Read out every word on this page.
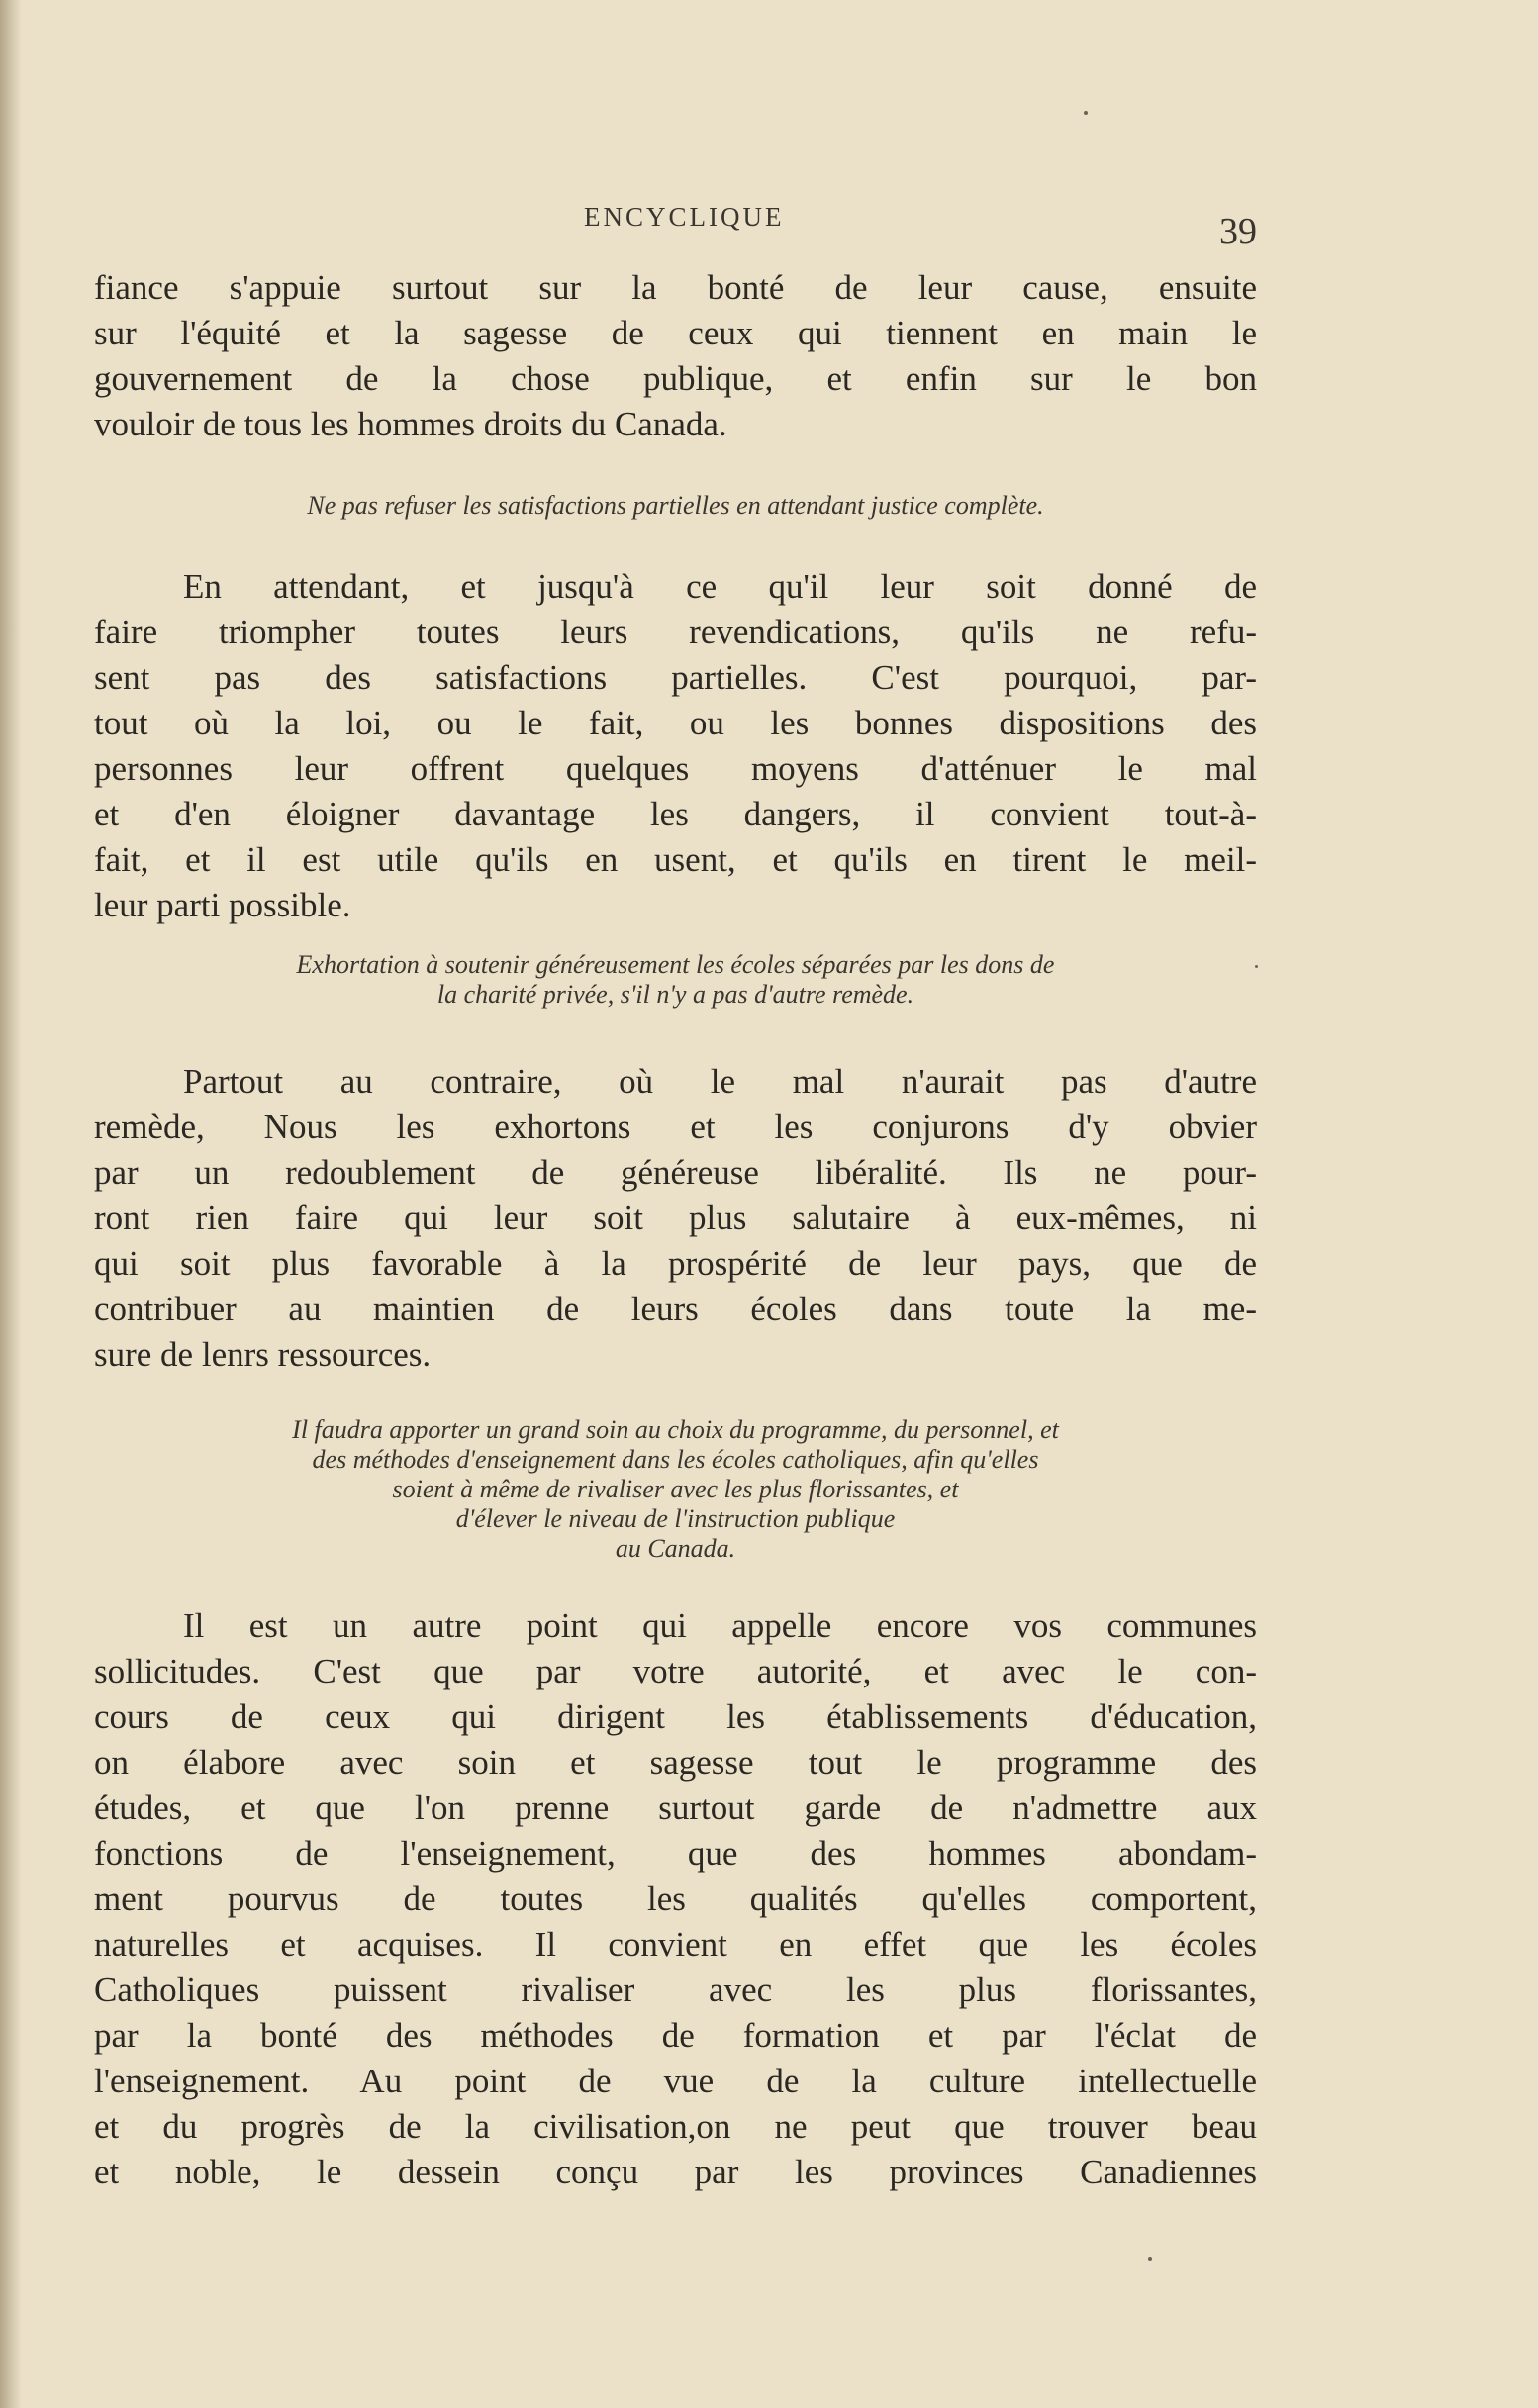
ENCYCLIQUE	39

fiance s'appuie surtout sur la bonté de leur cause, ensuite
sur l'équité et la sagesse de ceux qui tiennent en main le
gouvernement de la chose publique, et enfin sur le bon
vouloir de tous les hommes droits du Canada.

Ne pas refuser les satisfactions partielles en attendant justice complète.

En attendant, et jusqu'à ce qu'il leur soit donné de
faire triompher toutes leurs revendications, qu'ils ne refu-
sent pas des satisfactions partielles. C'est pourquoi, par-
tout où la loi, ou le fait, ou les bonnes dispositions des
personnes leur offrent quelques moyens d'atténuer le mal
et d'en éloigner davantage les dangers, il convient tout-à-
fait, et il est utile qu'ils en usent, et qu'ils en tirent le meil-
leur parti possible.

Exhortation à soutenir généreusement les écoles séparées par les dons de
la charité privée, s'il n'y a pas d'autre remède.

Partout au contraire, où le mal n'aurait pas d'autre
remède, Nous les exhortons et les conjurons d'y obvier
par un redoublement de généreuse libéralité. Ils ne pour-
ront rien faire qui leur soit plus salutaire à eux-mêmes, ni
qui soit plus favorable à la prospérité de leur pays, que de
contribuer au maintien de leurs écoles dans toute la me-
sure de lenrs ressources.

Il faudra apporter un grand soin au choix du programme, du personnel, et
des méthodes d'enseignement dans les écoles catholiques, afin qu'elles
soient à même de rivaliser avec les plus florissantes, et
d'élever le niveau de l'instruction publique
au Canada.

Il est un autre point qui appelle encore vos communes
sollicitudes. C'est que par votre autorité, et avec le con-
cours de ceux qui dirigent les établissements d'éducation,
on élabore avec soin et sagesse tout le programme des
études, et que l'on prenne surtout garde de n'admettre aux
fonctions de l'enseignement, que des hommes abondam-
ment pourvus de toutes les qualités qu'elles comportent,
naturelles et acquises. Il convient en effet que les écoles
Catholiques puissent rivaliser avec les plus florissantes,
par la bonté des méthodes de formation et par l'éclat de
l'enseignement. Au point de vue de la culture intellectuelle
et du progrès de la civilisation,on ne peut que trouver beau
et noble, le dessein conçu par les provinces Canadiennes
